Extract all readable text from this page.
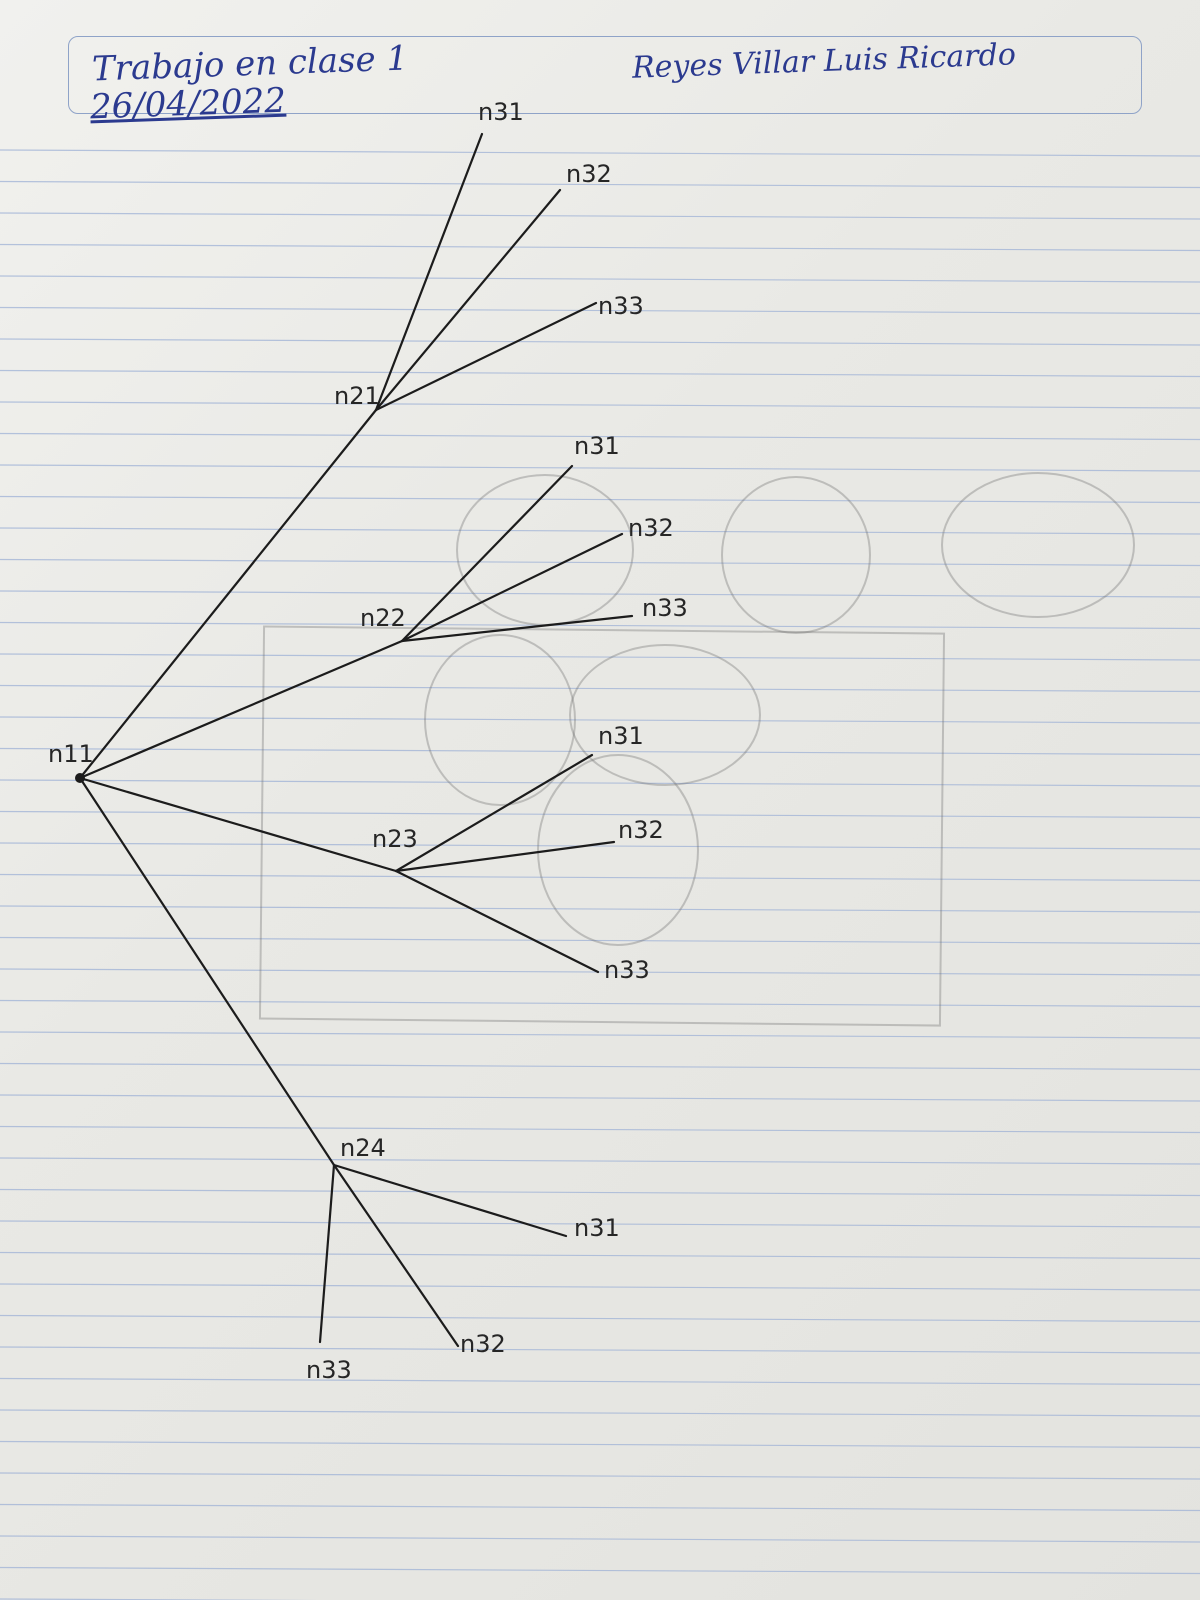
Trabajo en clase 1
26/04/2022
Reyes Villar Luis Ricardo
n11
n21
n31
n32
n33
n22
n31
n32
n33
n23
n31
n32
n33
n24
n31
n32
n33
